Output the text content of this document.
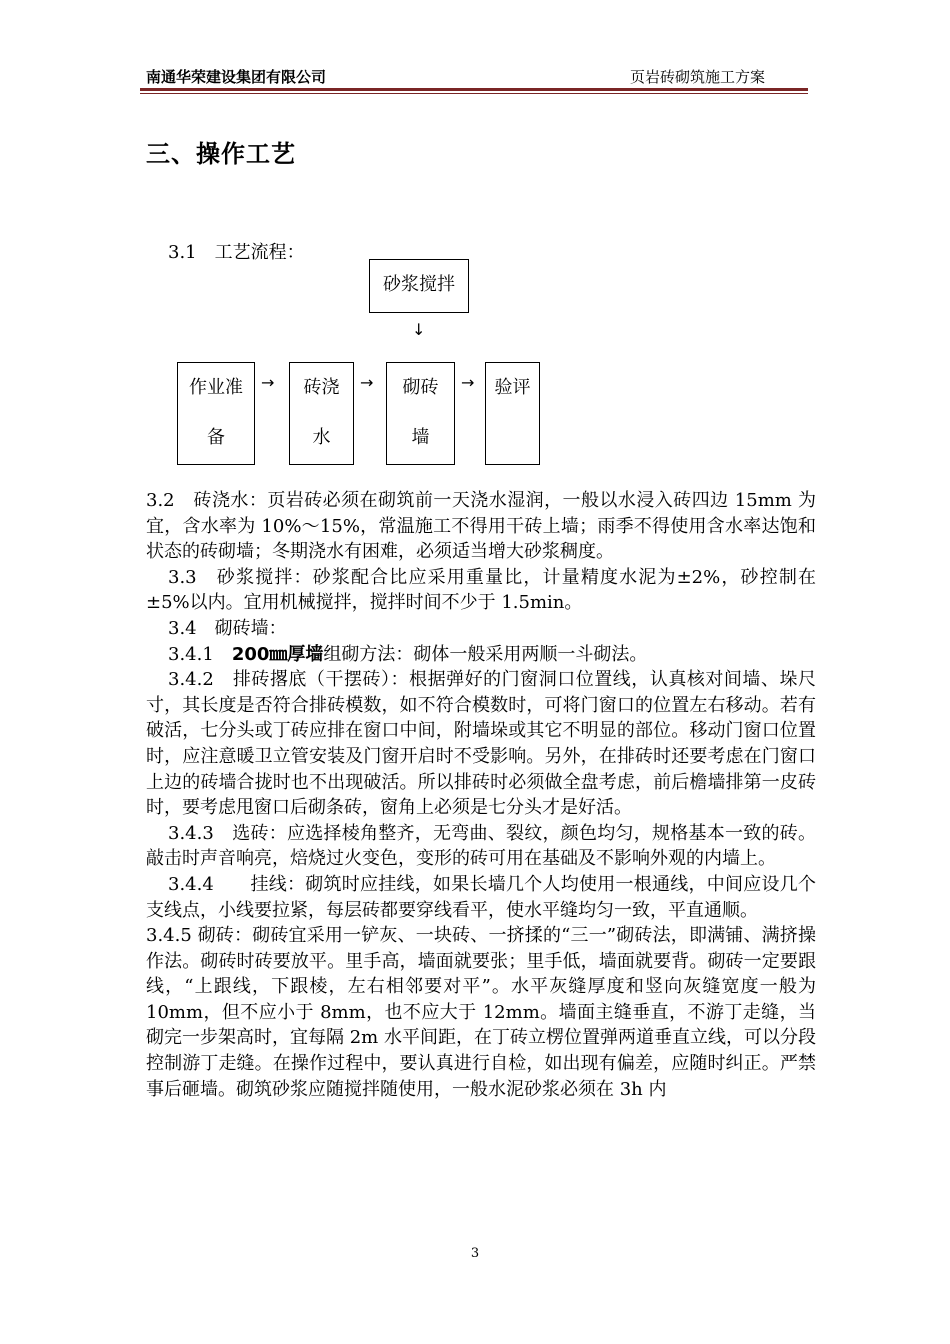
南通华荣建设集团有限公司	页岩砖砌筑施工方案
三、操作工艺
3.1　工艺流程：
砂浆搅拌
↓
作业准
备
→	砖浇
水
→	砌砖
墙
→	验评

3.2　砖浇水：页岩砖必须在砌筑前一天浇水湿润，一般以水浸入砖四边 15mm 为宜，含水率为 10%～15%，常温施工不得用干砖上墙；雨季不得使用含水率达饱和状态的砖砌墙；冬期浇水有困难，必须适当增大砂浆稠度。

3.3　砂浆搅拌：砂浆配合比应采用重量比，计量精度水泥为±2%，砂控制在±5%以内。宜用机械搅拌，搅拌时间不少于 1.5min。

3.4　砌砖墙：

3.4.1　200㎜厚墙组砌方法：砌体一般采用两顺一斗砌法。

3.4.2　排砖撂底（干摆砖）：根据弹好的门窗洞口位置线，认真核对间墙、垛尺寸，其长度是否符合排砖模数，如不符合模数时，可将门窗口的位置左右移动。若有破活，七分头或丁砖应排在窗口中间，附墙垛或其它不明显的部位。移动门窗口位置时，应注意暖卫立管安装及门窗开启时不受影响。另外，在排砖时还要考虑在门窗口上边的砖墙合拢时也不出现破活。所以排砖时必须做全盘考虑，前后檐墙排第一皮砖时，要考虑甩窗口后砌条砖，窗角上必须是七分头才是好活。

3.4.3　选砖：应选择棱角整齐，无弯曲、裂纹，颜色均匀，规格基本一致的砖。敲击时声音响亮，焙烧过火变色，变形的砖可用在基础及不影响外观的内墙上。

3.4.4　　挂线：砌筑时应挂线，如果长墙几个人均使用一根通线，中间应设几个支线点，小线要拉紧，每层砖都要穿线看平，使水平缝均匀一致，平直通顺。

3.4.5 砌砖：砌砖宜采用一铲灰、一块砖、一挤揉的“三一”砌砖法，即满铺、满挤操作法。砌砖时砖要放平。里手高，墙面就要张；里手低，墙面就要背。砌砖一定要跟线，“上跟线，下跟棱，左右相邻要对平”。水平灰缝厚度和竖向灰缝宽度一般为 10mm，但不应小于 8mm，也不应大于 12mm。墙面主缝垂直，不游丁走缝，当砌完一步架高时，宜每隔 2m 水平间距，在丁砖立楞位置弹两道垂直立线，可以分段控制游丁走缝。在操作过程中，要认真进行自检，如出现有偏差，应随时纠正。严禁事后砸墙。砌筑砂浆应随搅拌随使用，一般水泥砂浆必须在 3h 内

3
